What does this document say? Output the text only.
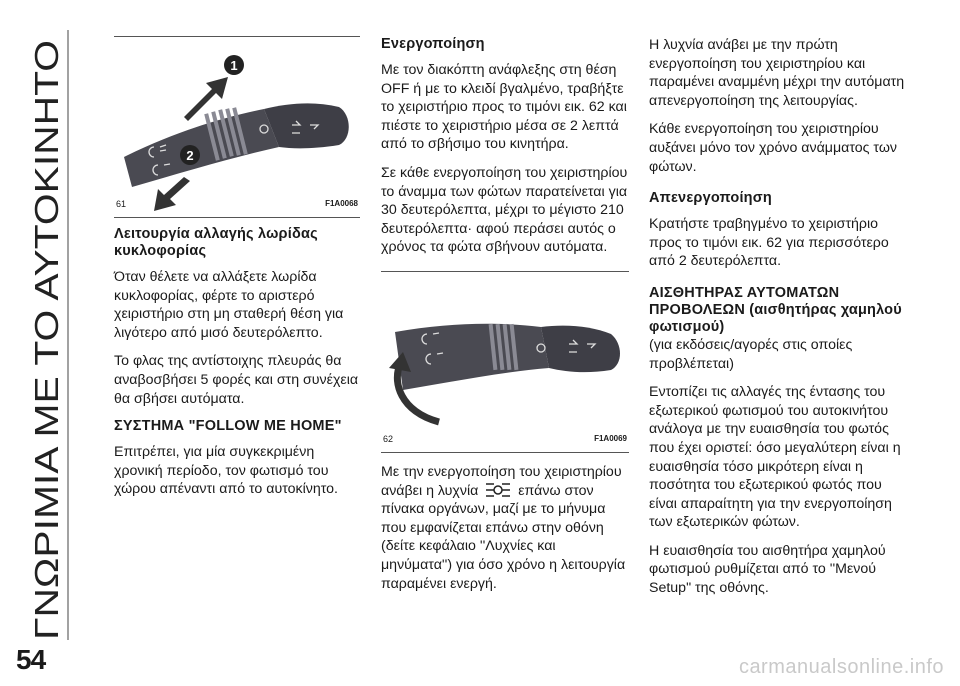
ΓΝΩΡΙΜΙΑ ΜΕ ΤΟ ΑΥΤΟΚΙΝΗΤΟ
54
1
2
61	F1A0068
Λειτουργία αλλαγής λωρίδας κυκλοφορίας

Όταν θέλετε να αλλάξετε λωρίδα κυκλοφορίας, φέρτε το αριστερό χειριστήριο στη μη σταθερή θέση για λιγότερο από μισό δευτερόλεπτο.

Το φλας της αντίστοιχης πλευράς θα αναβοσβήσει 5 φορές και στη συνέχεια θα σβήσει αυτόματα.

ΣΥΣΤΗΜΑ "FOLLOW ME HOME"

Επιτρέπει, για μία συγκεκριμένη χρονική περίοδο, τον φωτισμό του χώρου απέναντι από το αυτοκίνητο.

Ενεργοποίηση

Με τον διακόπτη ανάφλεξης στη θέση OFF ή με το κλειδί βγαλμένο, τραβήξτε το χειριστήριο προς το τιμόνι εικ. 62 και πιέστε το χειριστήριο μέσα σε 2 λεπτά από το σβήσιμο του κινητήρα.

Σε κάθε ενεργοποίηση του χειριστηρίου το άναμμα των φώτων παρατείνεται για 30 δευτερόλεπτα, μέχρι το μέγιστο 210 δευτερόλεπτα· αφού περάσει αυτός ο χρόνος τα φώτα σβήνουν αυτόματα.

62	F1A0069

Με την ενεργοποίηση του χειριστηρίου ανάβει η λυχνία	επάνω στον πίνακα οργάνων, μαζί με το μήνυμα που εμφανίζεται επάνω στην οθόνη (δείτε κεφάλαιο ''Λυχνίες και μηνύματα'') για όσο χρόνο η λειτουργία παραμένει ενεργή.

Η λυχνία ανάβει με την πρώτη ενεργοποίηση του χειριστηρίου και παραμένει αναμμένη μέχρι την αυτόματη απενεργοποίηση της λειτουργίας.

Κάθε ενεργοποίηση του χειριστηρίου αυξάνει μόνο τον χρόνο ανάμματος των φώτων.

Απενεργοποίηση

Κρατήστε τραβηγμένο το χειριστήριο προς το τιμόνι εικ. 62 για περισσότερο από 2 δευτερόλεπτα.

ΑΙΣΘΗΤΗΡΑΣ ΑΥΤΟΜΑΤΩΝ ΠΡΟΒΟΛΕΩΝ (αισθητήρας χαμηλού φωτισμού)

(για εκδόσεις/αγορές στις οποίες προβλέπεται)

Εντοπίζει τις αλλαγές της έντασης του εξωτερικού φωτισμού του αυτοκινήτου ανάλογα με την ευαισθησία του φωτός που έχει οριστεί: όσο μεγαλύτερη είναι η ευαισθησία τόσο μικρότερη είναι η ποσότητα του εξωτερικού φωτός που είναι απαραίτητη για την ενεργοποίηση των εξωτερικών φώτων.

Η ευαισθησία του αισθητήρα χαμηλού φωτισμού ρυθμίζεται από το ''Μενού Setup" της οθόνης.

carmanualsonline.info
